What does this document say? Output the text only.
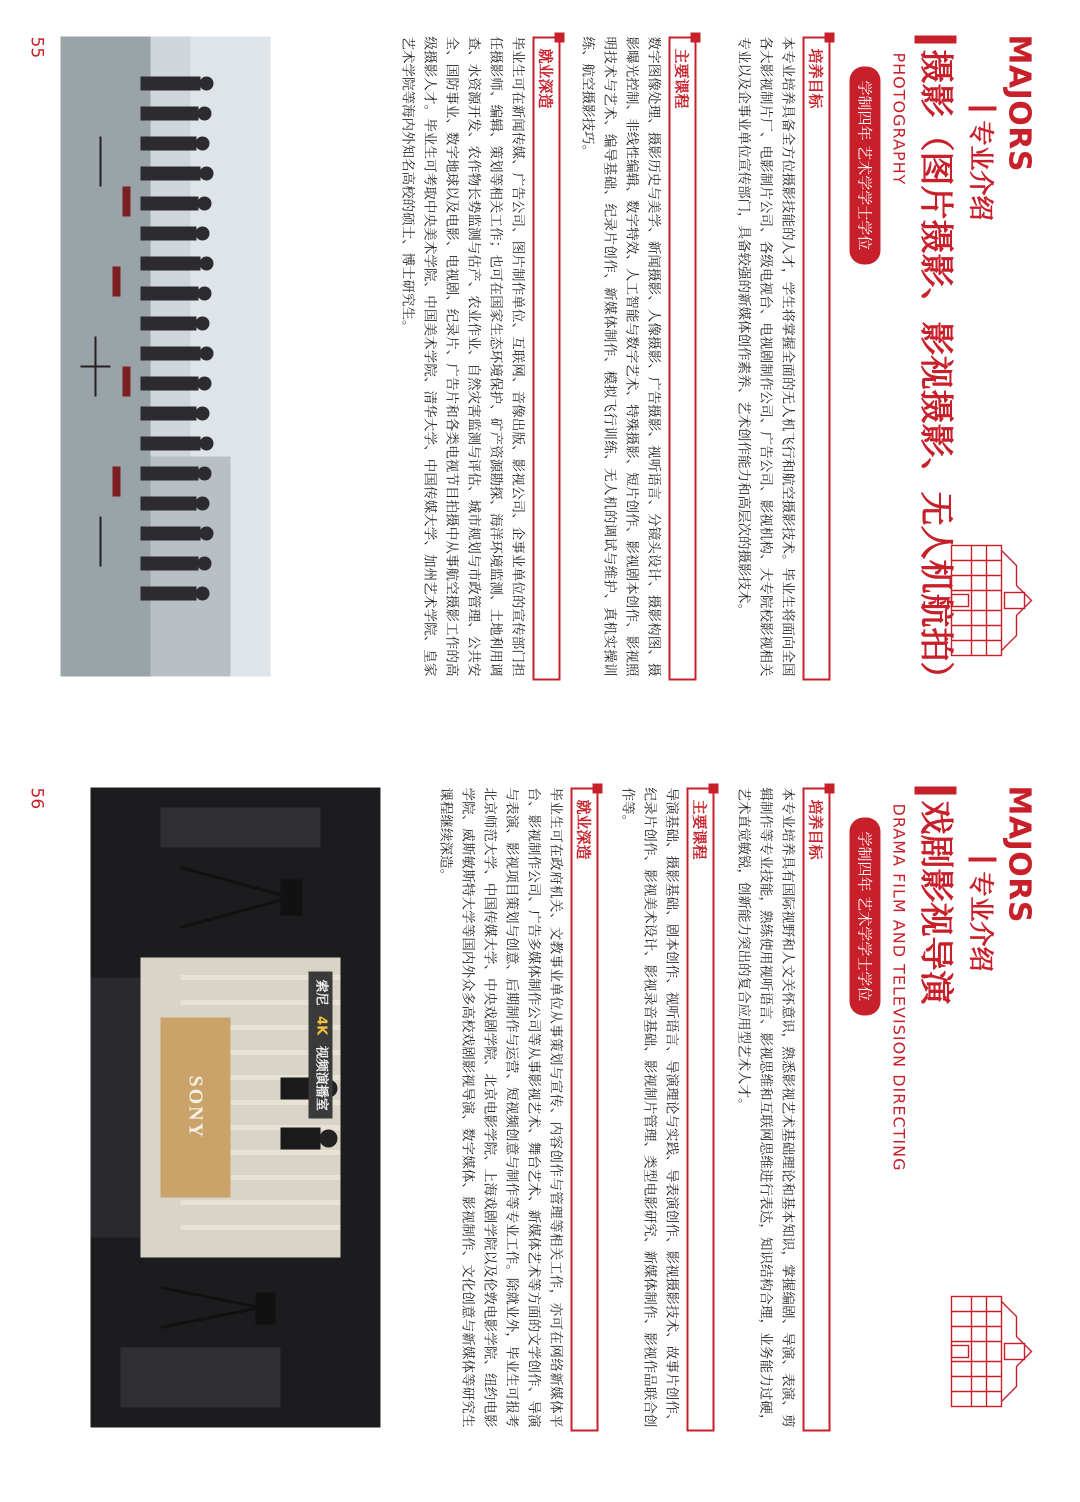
MAJORS
专业介绍
摄影（图片摄影、影视摄影、无人机航拍）
PHOTOGRAPHY
学制四年 艺术学学士学位
培养目标
本专业培养具备全方位摄影技能的人才，学生将掌握全面的无人机飞行和航空摄影技术。毕业生将面向全国各大影视制片厂、电影制片公司、各级电视台、电视剧制作公司、广告公司、影视机构、大专院校影视相关专业以及企事业单位宣传部门，具备较强的新媒体创作素养、艺术创作能力和高层次的摄影技术。
主要课程
数字图像处理、摄影历史与美学、新闻摄影、人像摄影、广告摄影、视听语言、分镜头设计、摄影构图、摄影曝光控制、非线性编辑、数字特效、人工智能与数字艺术、特殊摄影、短片创作、影视剧本创作、影视照明技术与艺术、编导基础、纪录片创作、新媒体制作、模拟飞行训练、无人机的调试与维护、真机实操训练、航空摄影技巧。
就业深造
毕业生可在新闻传媒、广告公司、图片制作单位、互联网、音像出版、影视公司、企事业单位的宣传部门担任摄影师、编辑、策划等相关工作；也可在国家生态环境保护、矿产资源勘探、海洋环境监测、土地利用调查、水资源开发、农作物长势监测与估产、农业作业、自然灾害监测与评估、城市规划与市政管理、公共安全、国防事业、数字地球以及电影、电视剧、纪录片、广告片和各类电视节目拍摄中从事航空摄影工作的高级摄影人才。毕业生可考取中央美术学院、中国美术学院、清华大学、中国传媒大学、加州艺术学院、皇家艺术学院等海内外知名高校的硕士、博士研究生。
55
MAJORS
专业介绍
戏剧影视导演
DRAMA FILM AND TELEVISION DIRECTING
学制四年 艺术学学士学位
培养目标
本专业培养具有国际视野和人文关怀意识，熟悉影视艺术基础理论和基本知识，掌握编剧、导演、表演、剪辑制作等专业技能，熟练使用视听语言、影视思维和互联网思维进行表达，知识结构合理，业务能力过硬，艺术直觉敏锐，创新能力突出的复合应用型艺术人才。
主要课程
导演基础、摄影基础、剧本创作、视听语言、导演理论与实践、导表演创作、影视摄影技术、故事片创作、纪录片创作、影视美术设计、影视录音基础、影视制片管理、类型电影研究、新媒体制作、影视作品联合创作等。
就业深造
毕业生可在政府机关、文教事业单位从事策划与宣传、内容创作与管理等相关工作，亦可在网络新媒体平台、影视制作公司、广告多媒体制作公司等从事影视艺术、舞台艺术、新媒体艺术等方面的文学创作、导演与表演、影视项目策划与创意、后期制作与运营、短视频创意与制作等专业工作。除就业外，毕业生可报考北京师范大学、中国传媒大学、中央戏剧学院、北京电影学院、上海戏剧学院以及伦敦电影学院、纽约电影学院、威斯敏斯特大学等国内外众多高校戏剧影视导演、数字媒体、影视制作、文化创意与新媒体等研究生课程继续深造。
索尼 4K 视频演播室
SONY
56
